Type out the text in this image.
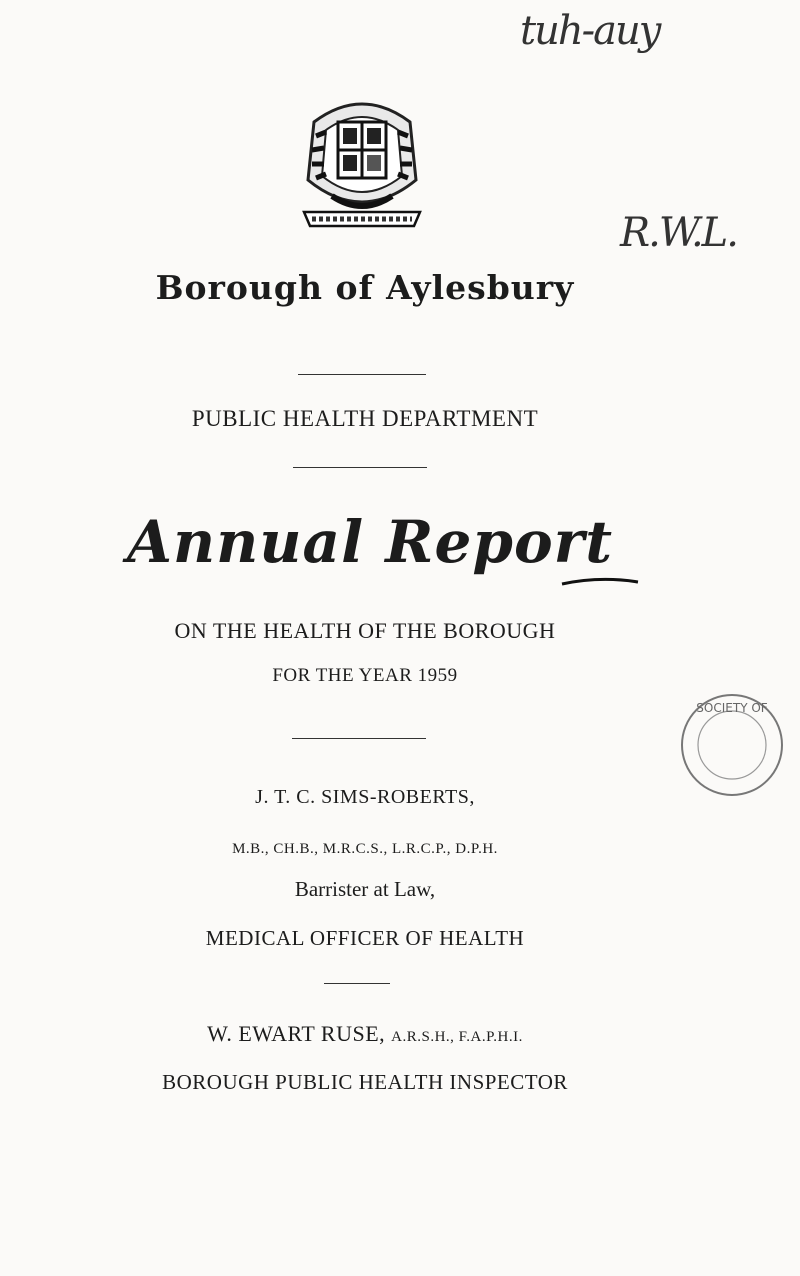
tuh-auy
R.W.L.
Borough of Aylesbury
PUBLIC HEALTH DEPARTMENT
Annual Report
ON THE HEALTH OF THE BOROUGH
FOR THE YEAR 1959
J. T. C. SIMS-ROBERTS,
M.B., CH.B., M.R.C.S., L.R.C.P., D.P.H.
Barrister at Law,
MEDICAL OFFICER OF HEALTH
W. EWART RUSE, A.R.S.H., F.A.P.H.I.
BOROUGH PUBLIC HEALTH INSPECTOR
SOCIETY OF
